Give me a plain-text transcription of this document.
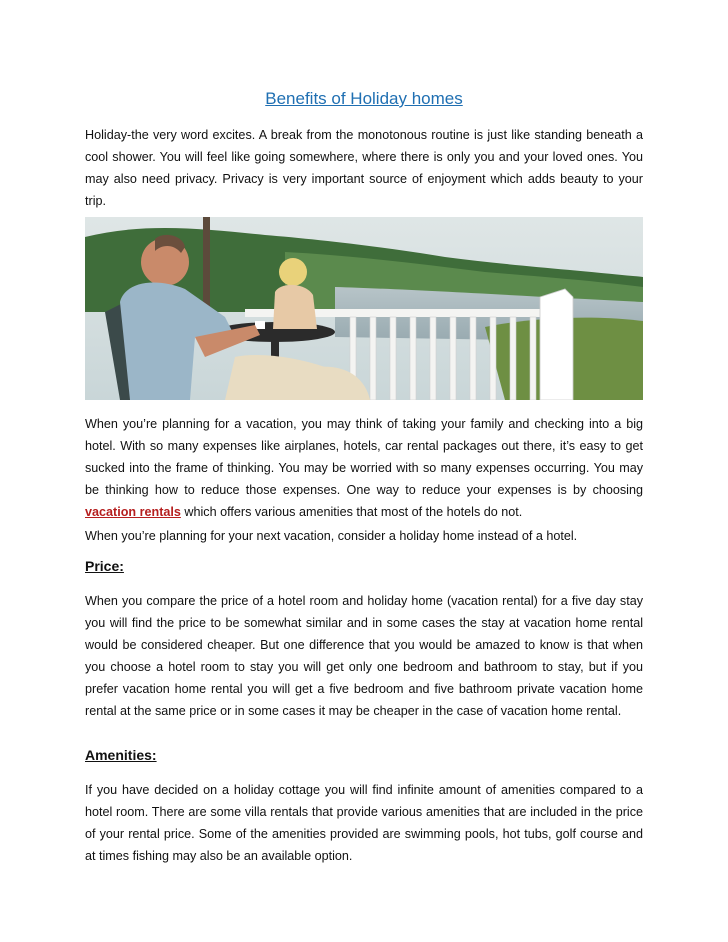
Benefits of Holiday homes

Holiday-the very word excites. A break from the monotonous routine is just like standing beneath a cool shower. You will feel like going somewhere, where there is only you and your loved ones. You may also need privacy. Privacy is very important source of enjoyment which adds beauty to your trip.

When you’re planning for a vacation, you may think of taking your family and checking into a big hotel. With so many expenses like airplanes, hotels, car rental packages out there, it’s easy to get sucked into the frame of thinking. You may be worried with so many expenses occurring. You may be thinking how to reduce those expenses. One way to reduce your expenses is by choosing vacation rentals which offers various amenities that most of the hotels do not.

When you’re planning for your next vacation, consider a holiday home instead of a hotel.

Price:

When you compare the price of a hotel room and holiday home (vacation rental) for a five day stay you will find the price to be somewhat similar and in some cases the stay at vacation home rental would be considered cheaper. But one difference that you would be amazed to know is that when you choose a hotel room to stay you will get only one bedroom and bathroom to stay, but if you prefer vacation home rental you will get a five bedroom and five bathroom private vacation home rental at the same price or in some cases it may be cheaper in the case of vacation home rental.

Amenities:

If you have decided on a holiday cottage you will find infinite amount of amenities compared to a hotel room. There are some villa rentals that provide various amenities that are included in the price of your rental price. Some of the amenities provided are swimming pools, hot tubs, golf course and at times fishing may also be an available option.
